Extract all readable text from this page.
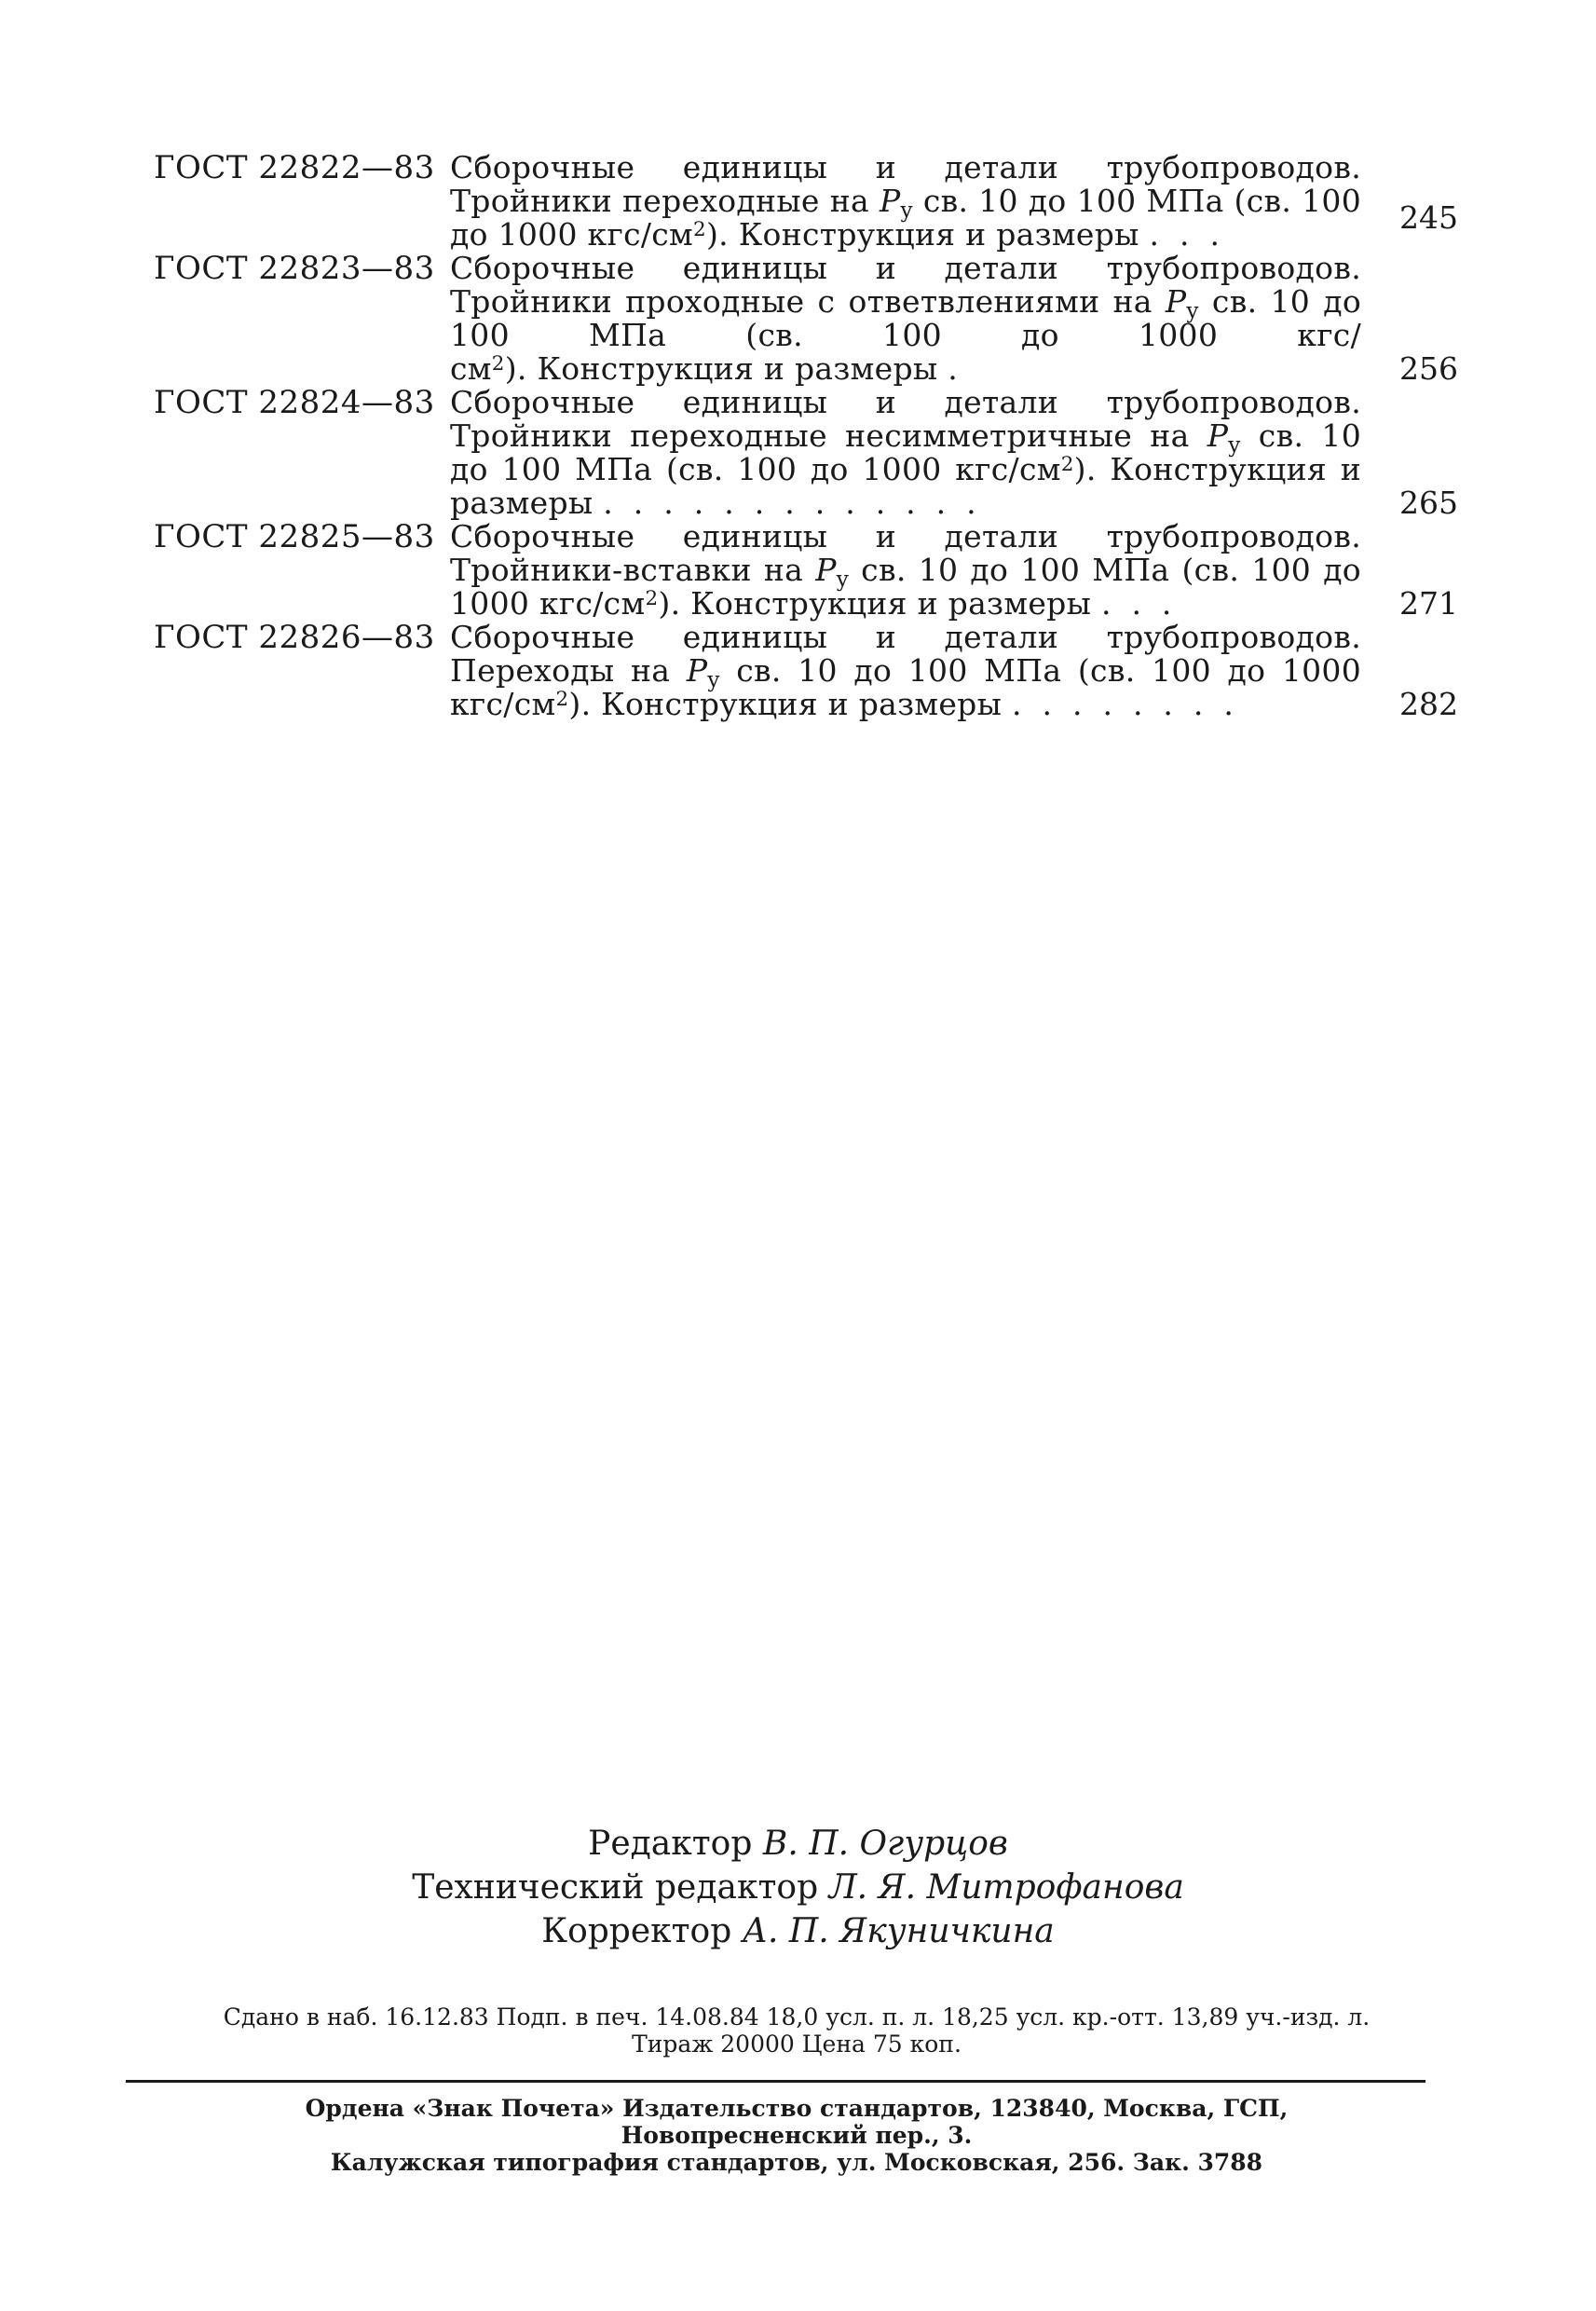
ГОСТ 22822—83 Сборочные единицы и детали трубопроводов. Тройники переходные на $P_y$ св. 10 до 100 МПа (св. 100 до 1000 кгс/$см^2$). Конструкция и размеры ...	245
ГОСТ 22823—83 Сборочные единицы и детали трубопроводов. Тройники проходные с ответвлениями на $P_y$ св. 10 до 100 МПа (св. 100 до 1000 кгс/$см^2$). Конструкция и размеры .	256
ГОСТ 22824—83 Сборочные единицы и детали трубопроводов. Тройники переходные несимметричные на $P_y$ св. 10 до 100 МПа (св. 100 до 1000 кгс/$см^2$). Конструкция и размеры .............	265
ГОСТ 22825—83 Сборочные единицы и детали трубопроводов. Тройники-вставки на $P_y$ св. 10 до 100 МПа (св. 100 до 1000 кгс/$см^2$). Конструкция и размеры ...	271
ГОСТ 22826—83 Сборочные единицы и детали трубопроводов. Переходы на $P_y$ св. 10 до 100 МПа (св. 100 до 1000 кгс/$см^2$). Конструкция и размеры ........	282
Редактор В. П. Огурцов
Технический редактор Л. Я. Митрофанова
Корректор А. П. Якуничкина
Сдано в наб. 16.12.83 Подп. в печ. 14.08.84 18,0 усл. п. л. 18,25 усл. кр.-отт. 13,89 уч.-изд. л.
Тираж 20000 Цена 75 коп.
Ордена «Знак Почета» Издательство стандартов, 123840, Москва, ГСП,
Новопресненский пер., 3.
Калужская типография стандартов, ул. Московская, 256. Зак. 3788
